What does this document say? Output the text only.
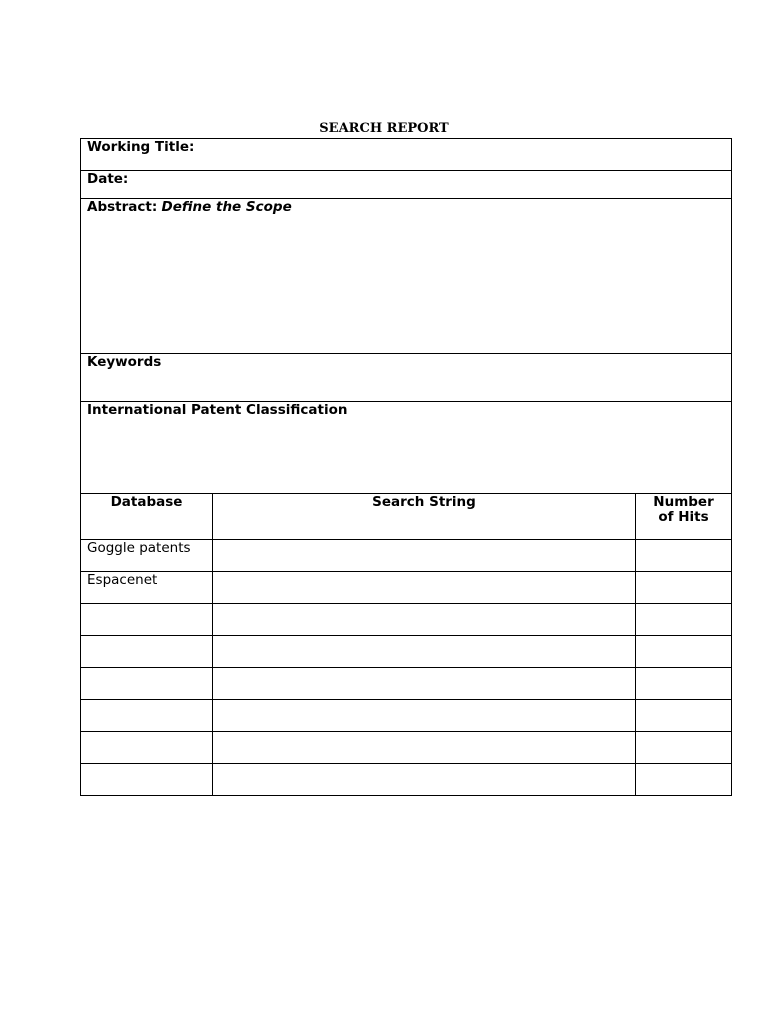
SEARCH REPORT
Working Title:		
Date:		
Abstract: Define the Scope		
Keywords		
International Patent Classification		
Database	Search String	Number
of Hits

Goggle patents		
Espacenet		
